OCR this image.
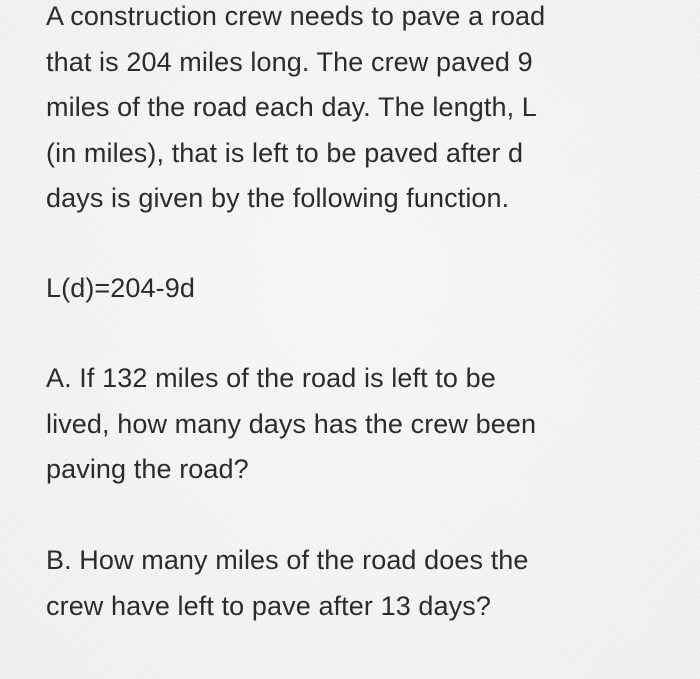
A construction crew needs to pave a road
that is 204 miles long. The crew paved 9
miles of the road each day. The length, L
(in miles), that is left to be paved after d
days is given by the following function.

L(d)=204-9d

A. If 132 miles of the road is left to be
lived, how many days has the crew been
paving the road?

B. How many miles of the road does the
crew have left to pave after 13 days?
